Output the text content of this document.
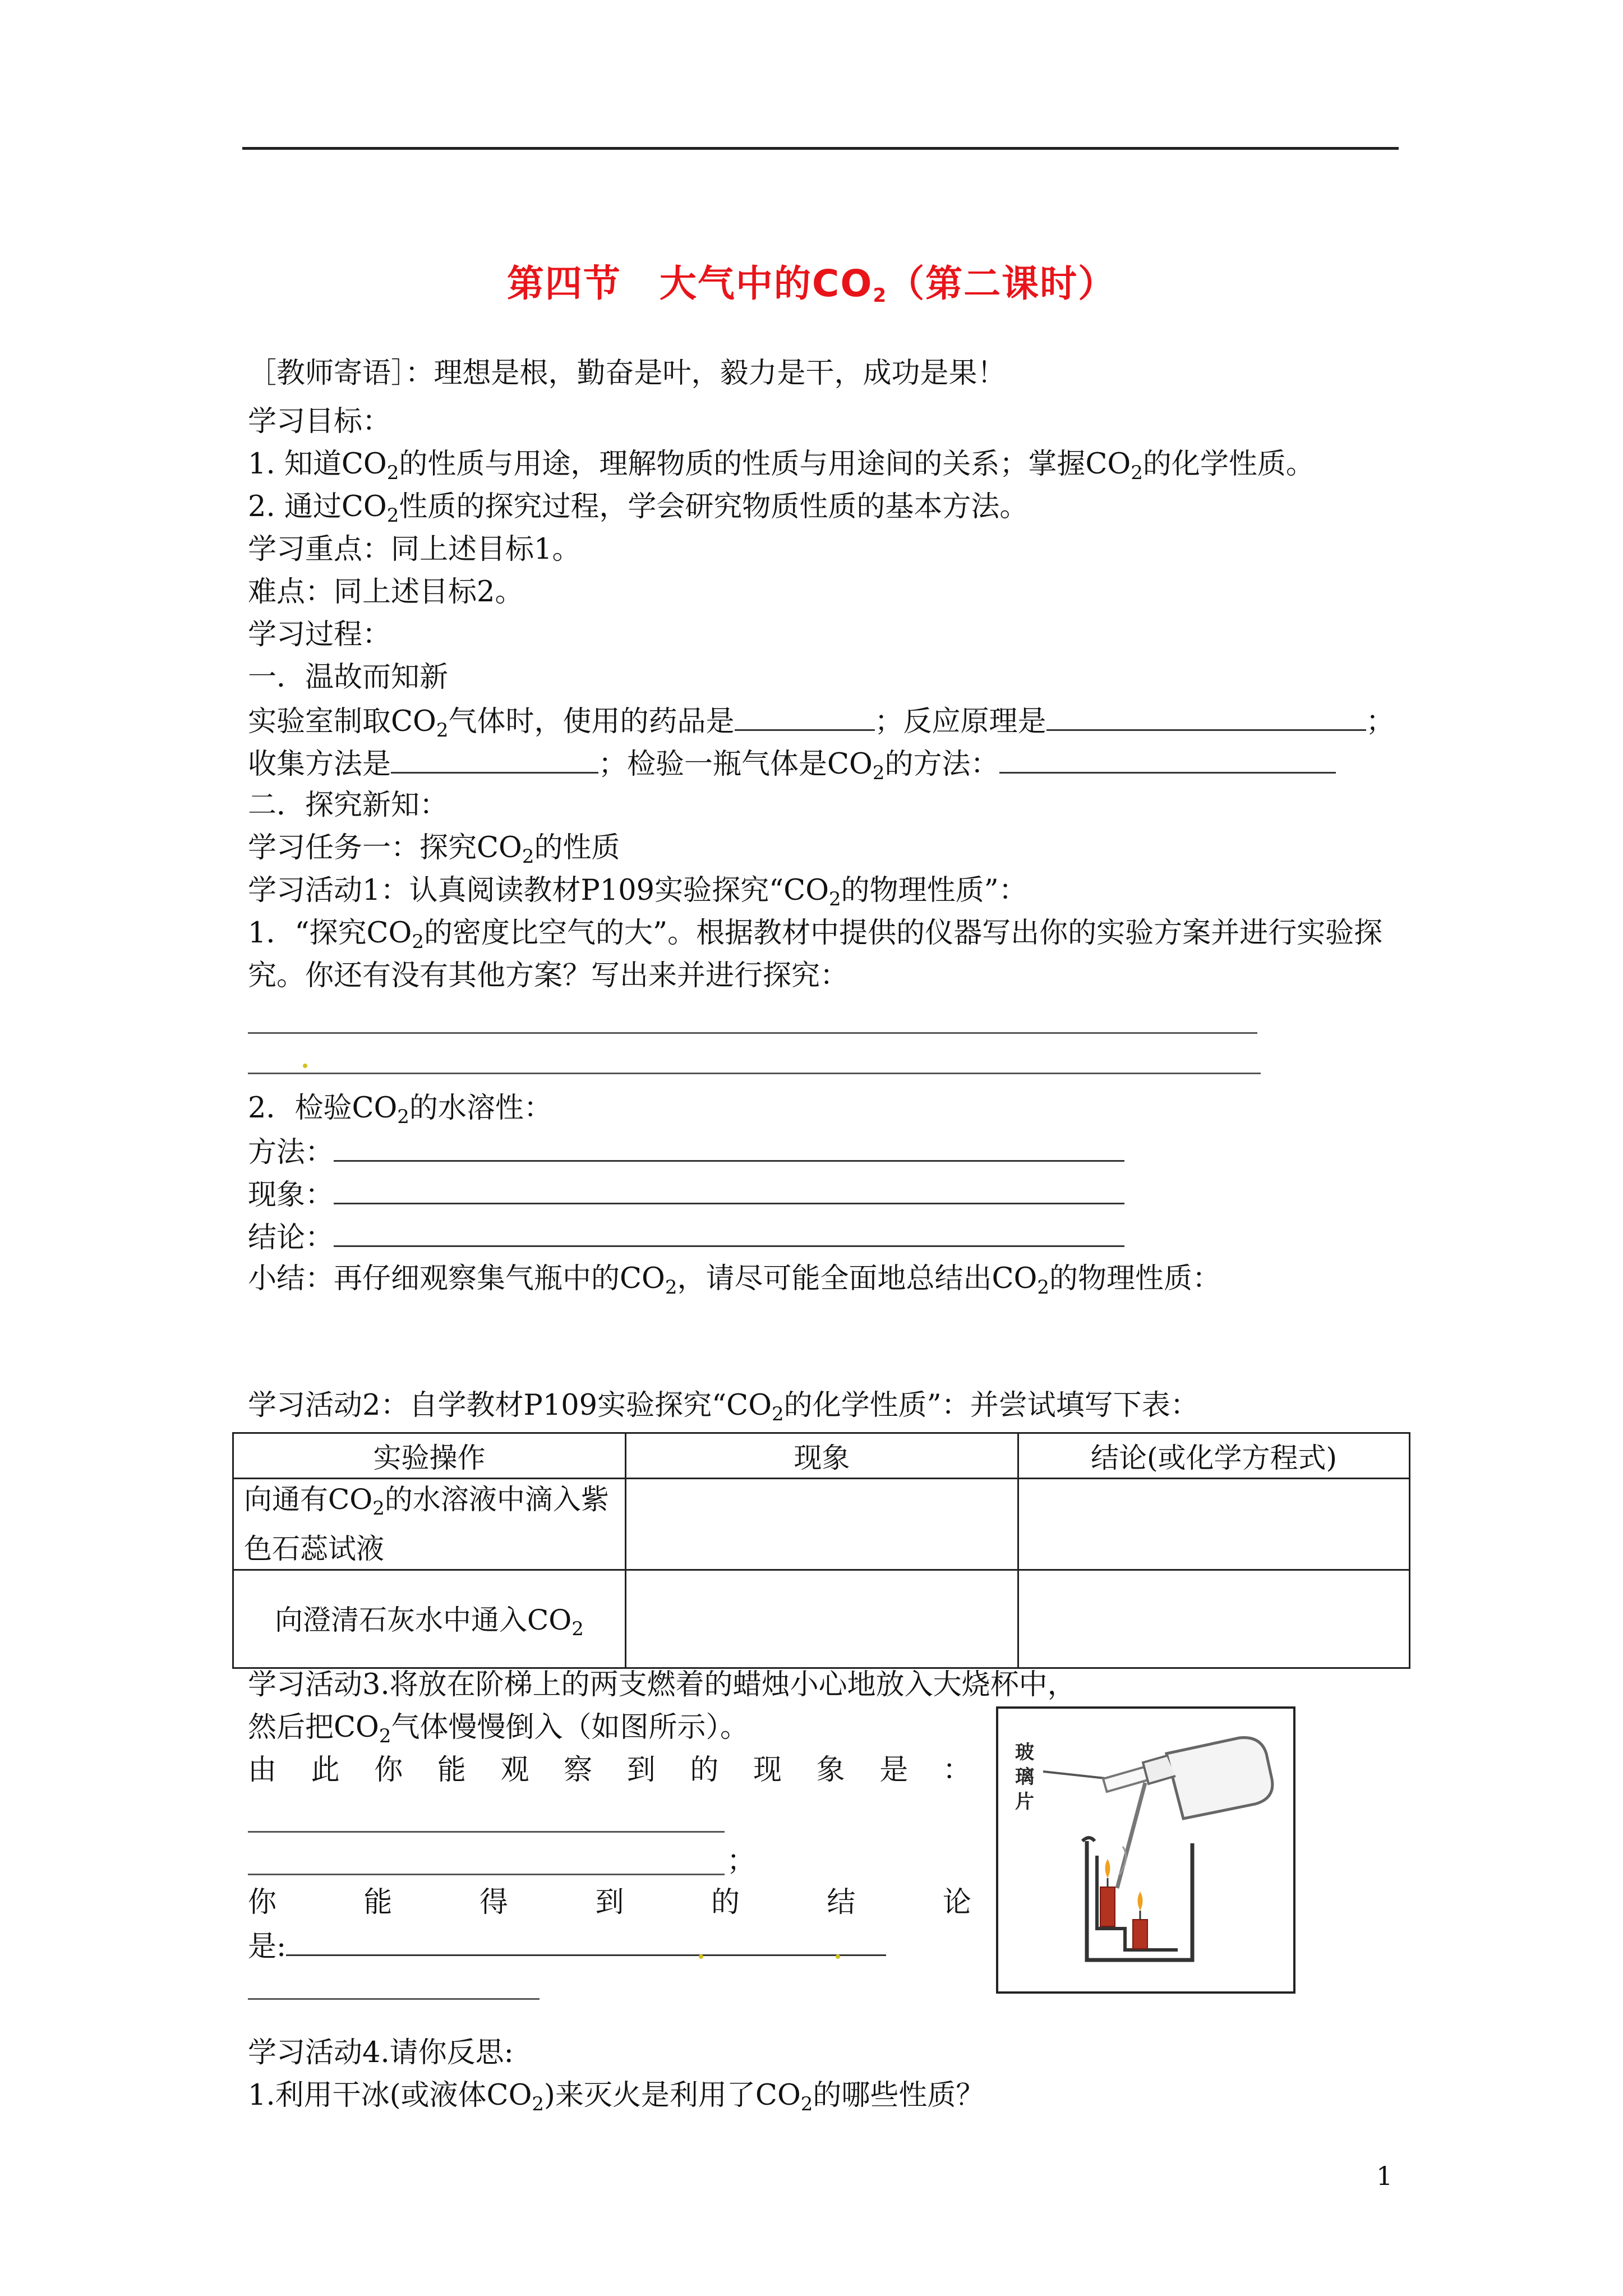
第四节　大气中的$CO_2$（第二课时）
［教师寄语］：理想是根，勤奋是叶，毅力是干，成功是果！
学习目标：
1. 知道$CO_2$的性质与用途，理解物质的性质与用途间的关系；掌握$CO_2$的化学性质。
2. 通过$CO_2$性质的探究过程，学会研究物质性质的基本方法。
学习重点：同上述目标1。
难点：同上述目标2。
学习过程：
一．温故而知新
实验室制取$CO_2$气体时，使用的药品是	；反应原理是	；
收集方法是	；检验一瓶气体是$CO_2$的方法：
二．探究新知：
学习任务一：探究$CO_2$的性质
学习活动1：认真阅读教材P109实验探究“$CO_2$的物理性质”：
1．“探究$CO_2$的密度比空气的大”。根据教材中提供的仪器写出你的实验方案并进行实验探
究。你还有没有其他方案？写出来并进行探究：
2．检验$CO_2$的水溶性：
方法：
现象：
结论：
小结：再仔细观察集气瓶中的$CO_2$，请尽可能全面地总结出$CO_2$的物理性质：
学习活动2：自学教材P109实验探究“$CO_2$的化学性质”：并尝试填写下表：
实验操作	现象	结论(或化学方程式)
向通有$CO_2$的水溶液中滴入紫色石蕊试液		
向澄清石灰水中通入$CO_2$		
学习活动3.将放在阶梯上的两支燃着的蜡烛小心地放入大烧杯中，
然后把$CO_2$气体慢慢倒入（如图所示）。
由 此 你 能 观 察 到 的 现 象 是 ：
；
你	能	得	到	的	结	论
是:
玻璃片
学习活动4.请你反思:
1.利用干冰(或液体$CO_2$)来灭火是利用了$CO_2$的哪些性质？
1
